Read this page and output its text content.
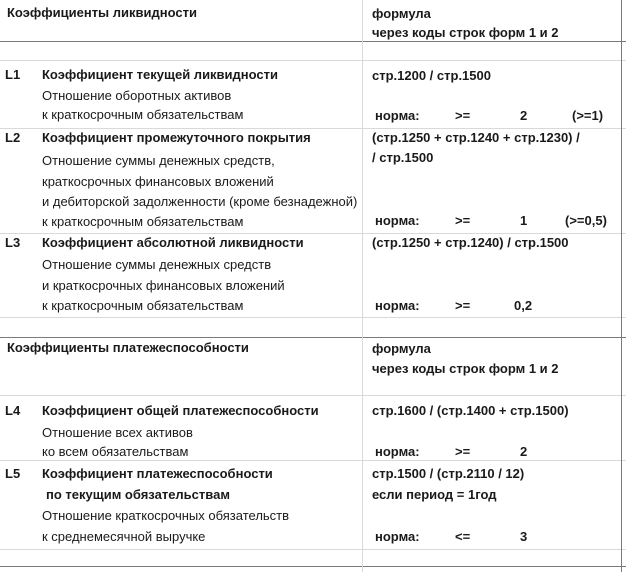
Коэффициенты ликвидности	формула
через коды строк форм 1 и 2
L1 Коэффициент текущей ликвидности
Отношение оборотных активов
к краткосрочным обязательствам
стр.1200 / стр.1500
норма:	>=	2	(>=1)
L2 Коэффициент промежуточного покрытия
Отношение суммы денежных средств,
краткосрочных финансовых вложений
и дебиторской задолженности (кроме безнадежной)
к краткосрочным обязательствам
(стр.1250 + стр.1240 + стр.1230) /
/ стр.1500
норма:	>=	1	(>=0,5)
L3 Коэффициент абсолютной ликвидности
Отношение суммы денежных средств
и краткосрочных финансовых вложений
к краткосрочным обязательствам
(стр.1250 + стр.1240) / стр.1500
норма:	>=	0,2
Коэффициенты платежеспособности	формула
через коды строк форм 1 и 2
L4 Коэффициент общей платежеспособности
Отношение всех активов
ко всем обязательствам
стр.1600 / (стр.1400 + стр.1500)
норма:	>=	2
L5 Коэффициент платежеспособности
по текущим обязательствам
Отношение краткосрочных обязательств
к среднемесячной выручке
стр.1500 / (стр.2110 / 12)
если период = 1год
норма:	<=	3
